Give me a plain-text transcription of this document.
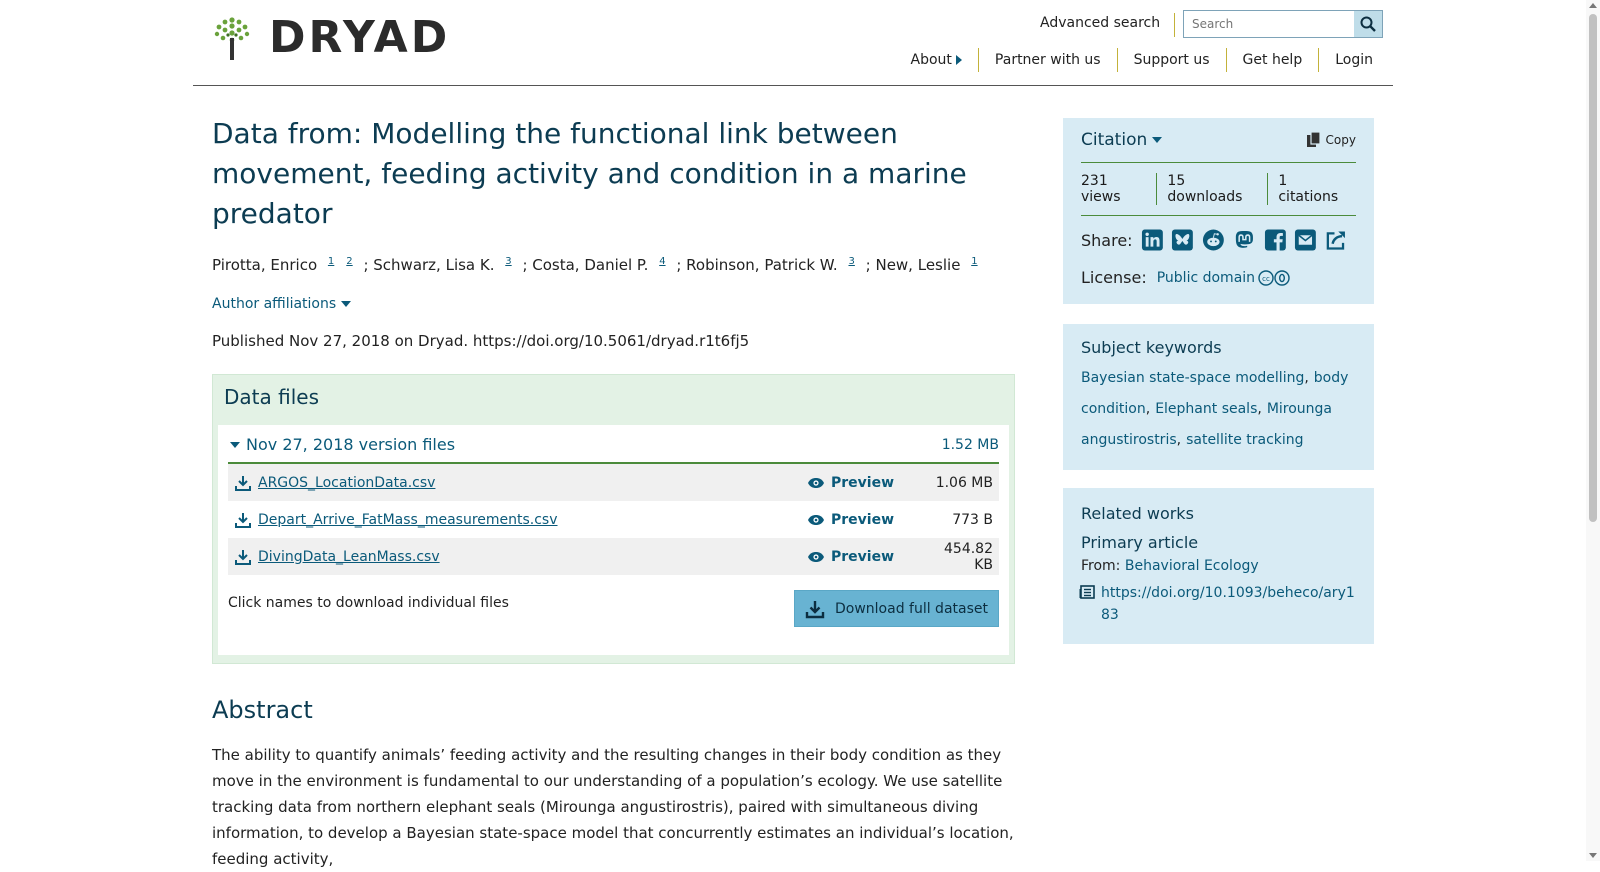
DRYAD	Advanced search
Search
About	Partner with us	Support us	Get help	Login
Data from: Modelling the functional link between movement, feeding activity and condition in a marine predator
Pirotta, Enrico $^1$ $^2$ ; Schwarz, Lisa K. $^3$ ; Costa, Daniel P. $^4$ ; Robinson, Patrick W. $^3$ ; New, Leslie $^1$
Author affiliations
Published Nov 27, 2018 on Dryad. https://doi.org/10.5061/dryad.r1t6fj5
Data files
Nov 27, 2018 version files	1.52 MB
ARGOS_LocationData.csv	Preview	1.06 MB
Depart_Arrive_FatMass_measurements.csv	Preview	773 B
DivingData_LeanMass.csv	Preview	454.82 KB
Click names to download individual files	Download full dataset
Abstract
The ability to quantify animals’ feeding activity and the resulting changes in their body condition as they move in the environment is fundamental to our understanding of a population’s ecology. We use satellite tracking data from northern elephant seals (Mirounga angustirostris), paired with simultaneous diving information, to develop a Bayesian state-space model that concurrently estimates an individual’s location, feeding activity,
Citation	Copy
231 views
15 downloads
1 citations
Share:
License: Public domain cc
Subject keywords
Bayesian state-space modelling, body condition, Elephant seals, Mirounga angustirostris, satellite tracking
Related works
Primary article
From: Behavioral Ecology
https://doi.org/10.1093/beheco/ary183
